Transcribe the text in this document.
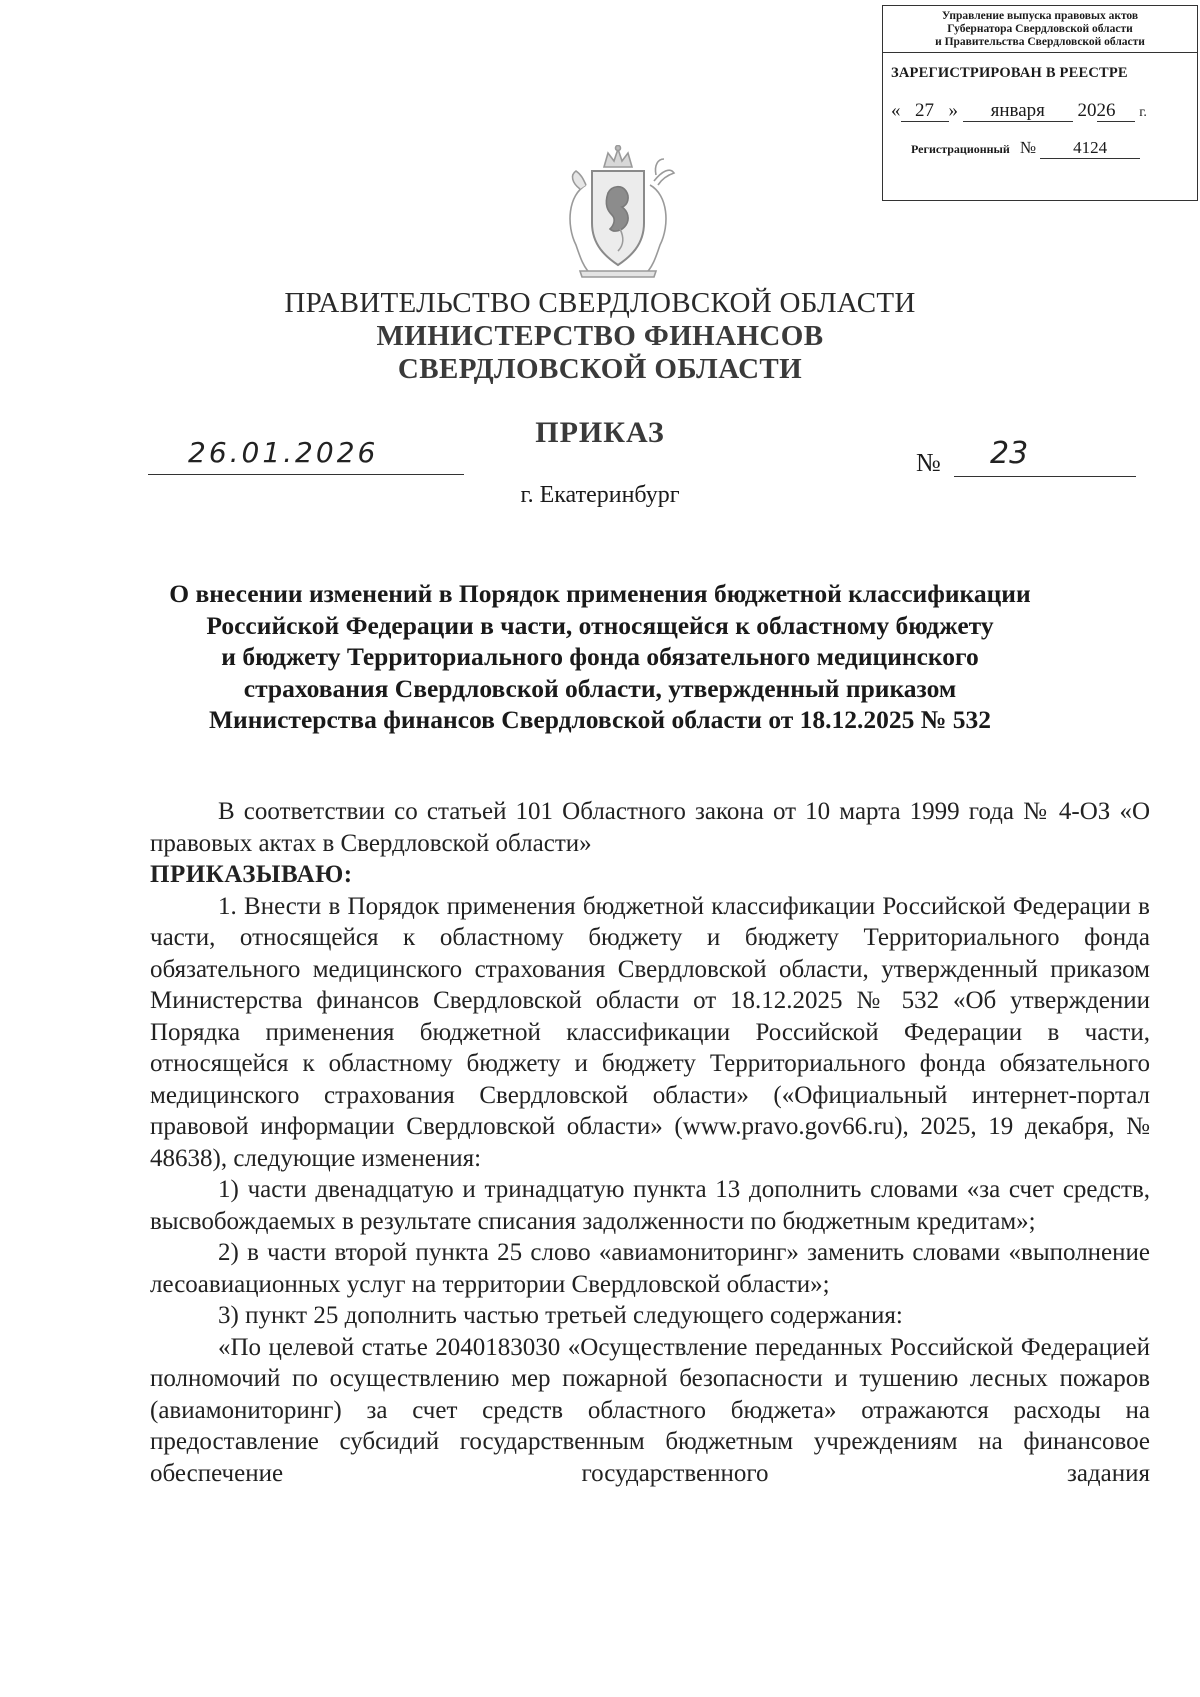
Управление выпуска правовых актов
Губернатора Свердловской области
и Правительства Свердловской области
ЗАРЕГИСТРИРОВАН В РЕЕСТРЕ
« 27 » января 2026 г.
Регистрационный № 4124
ПРАВИТЕЛЬСТВО СВЕРДЛОВСКОЙ ОБЛАСТИ
МИНИСТЕРСТВО ФИНАНСОВ
СВЕРДЛОВСКОЙ ОБЛАСТИ
ПРИКАЗ
26.01.2026	№ 23
г. Екатеринбург
О внесении изменений в Порядок применения бюджетной классификации
Российской Федерации в части, относящейся к областному бюджету
и бюджету Территориального фонда обязательного медицинского
страхования Свердловской области, утвержденный приказом
Министерства финансов Свердловской области от 18.12.2025 № 532
В соответствии со статьей 101 Областного закона от 10 марта 1999 года № 4-ОЗ «О правовых актах в Свердловской области»
ПРИКАЗЫВАЮ:
1. Внести в Порядок применения бюджетной классификации Российской Федерации в части, относящейся к областному бюджету и бюджету Территориального фонда обязательного медицинского страхования Свердловской области, утвержденный приказом Министерства финансов Свердловской области от 18.12.2025 № 532 «Об утверждении Порядка применения бюджетной классификации Российской Федерации в части, относящейся к областному бюджету и бюджету Территориального фонда обязательного медицинского страхования Свердловской области» («Официальный интернет-портал правовой информации Свердловской области» (www.pravo.gov66.ru), 2025, 19 декабря, № 48638), следующие изменения:
1) части двенадцатую и тринадцатую пункта 13 дополнить словами «за счет средств, высвобождаемых в результате списания задолженности по бюджетным кредитам»;
2) в части второй пункта 25 слово «авиамониторинг» заменить словами «выполнение лесоавиационных услуг на территории Свердловской области»;
3) пункт 25 дополнить частью третьей следующего содержания:
«По целевой статье 2040183030 «Осуществление переданных Российской Федерацией полномочий по осуществлению мер пожарной безопасности и тушению лесных пожаров (авиамониторинг) за счет средств областного бюджета» отражаются расходы на предоставление субсидий государственным бюджетным учреждениям на финансовое обеспечение государственного задания
